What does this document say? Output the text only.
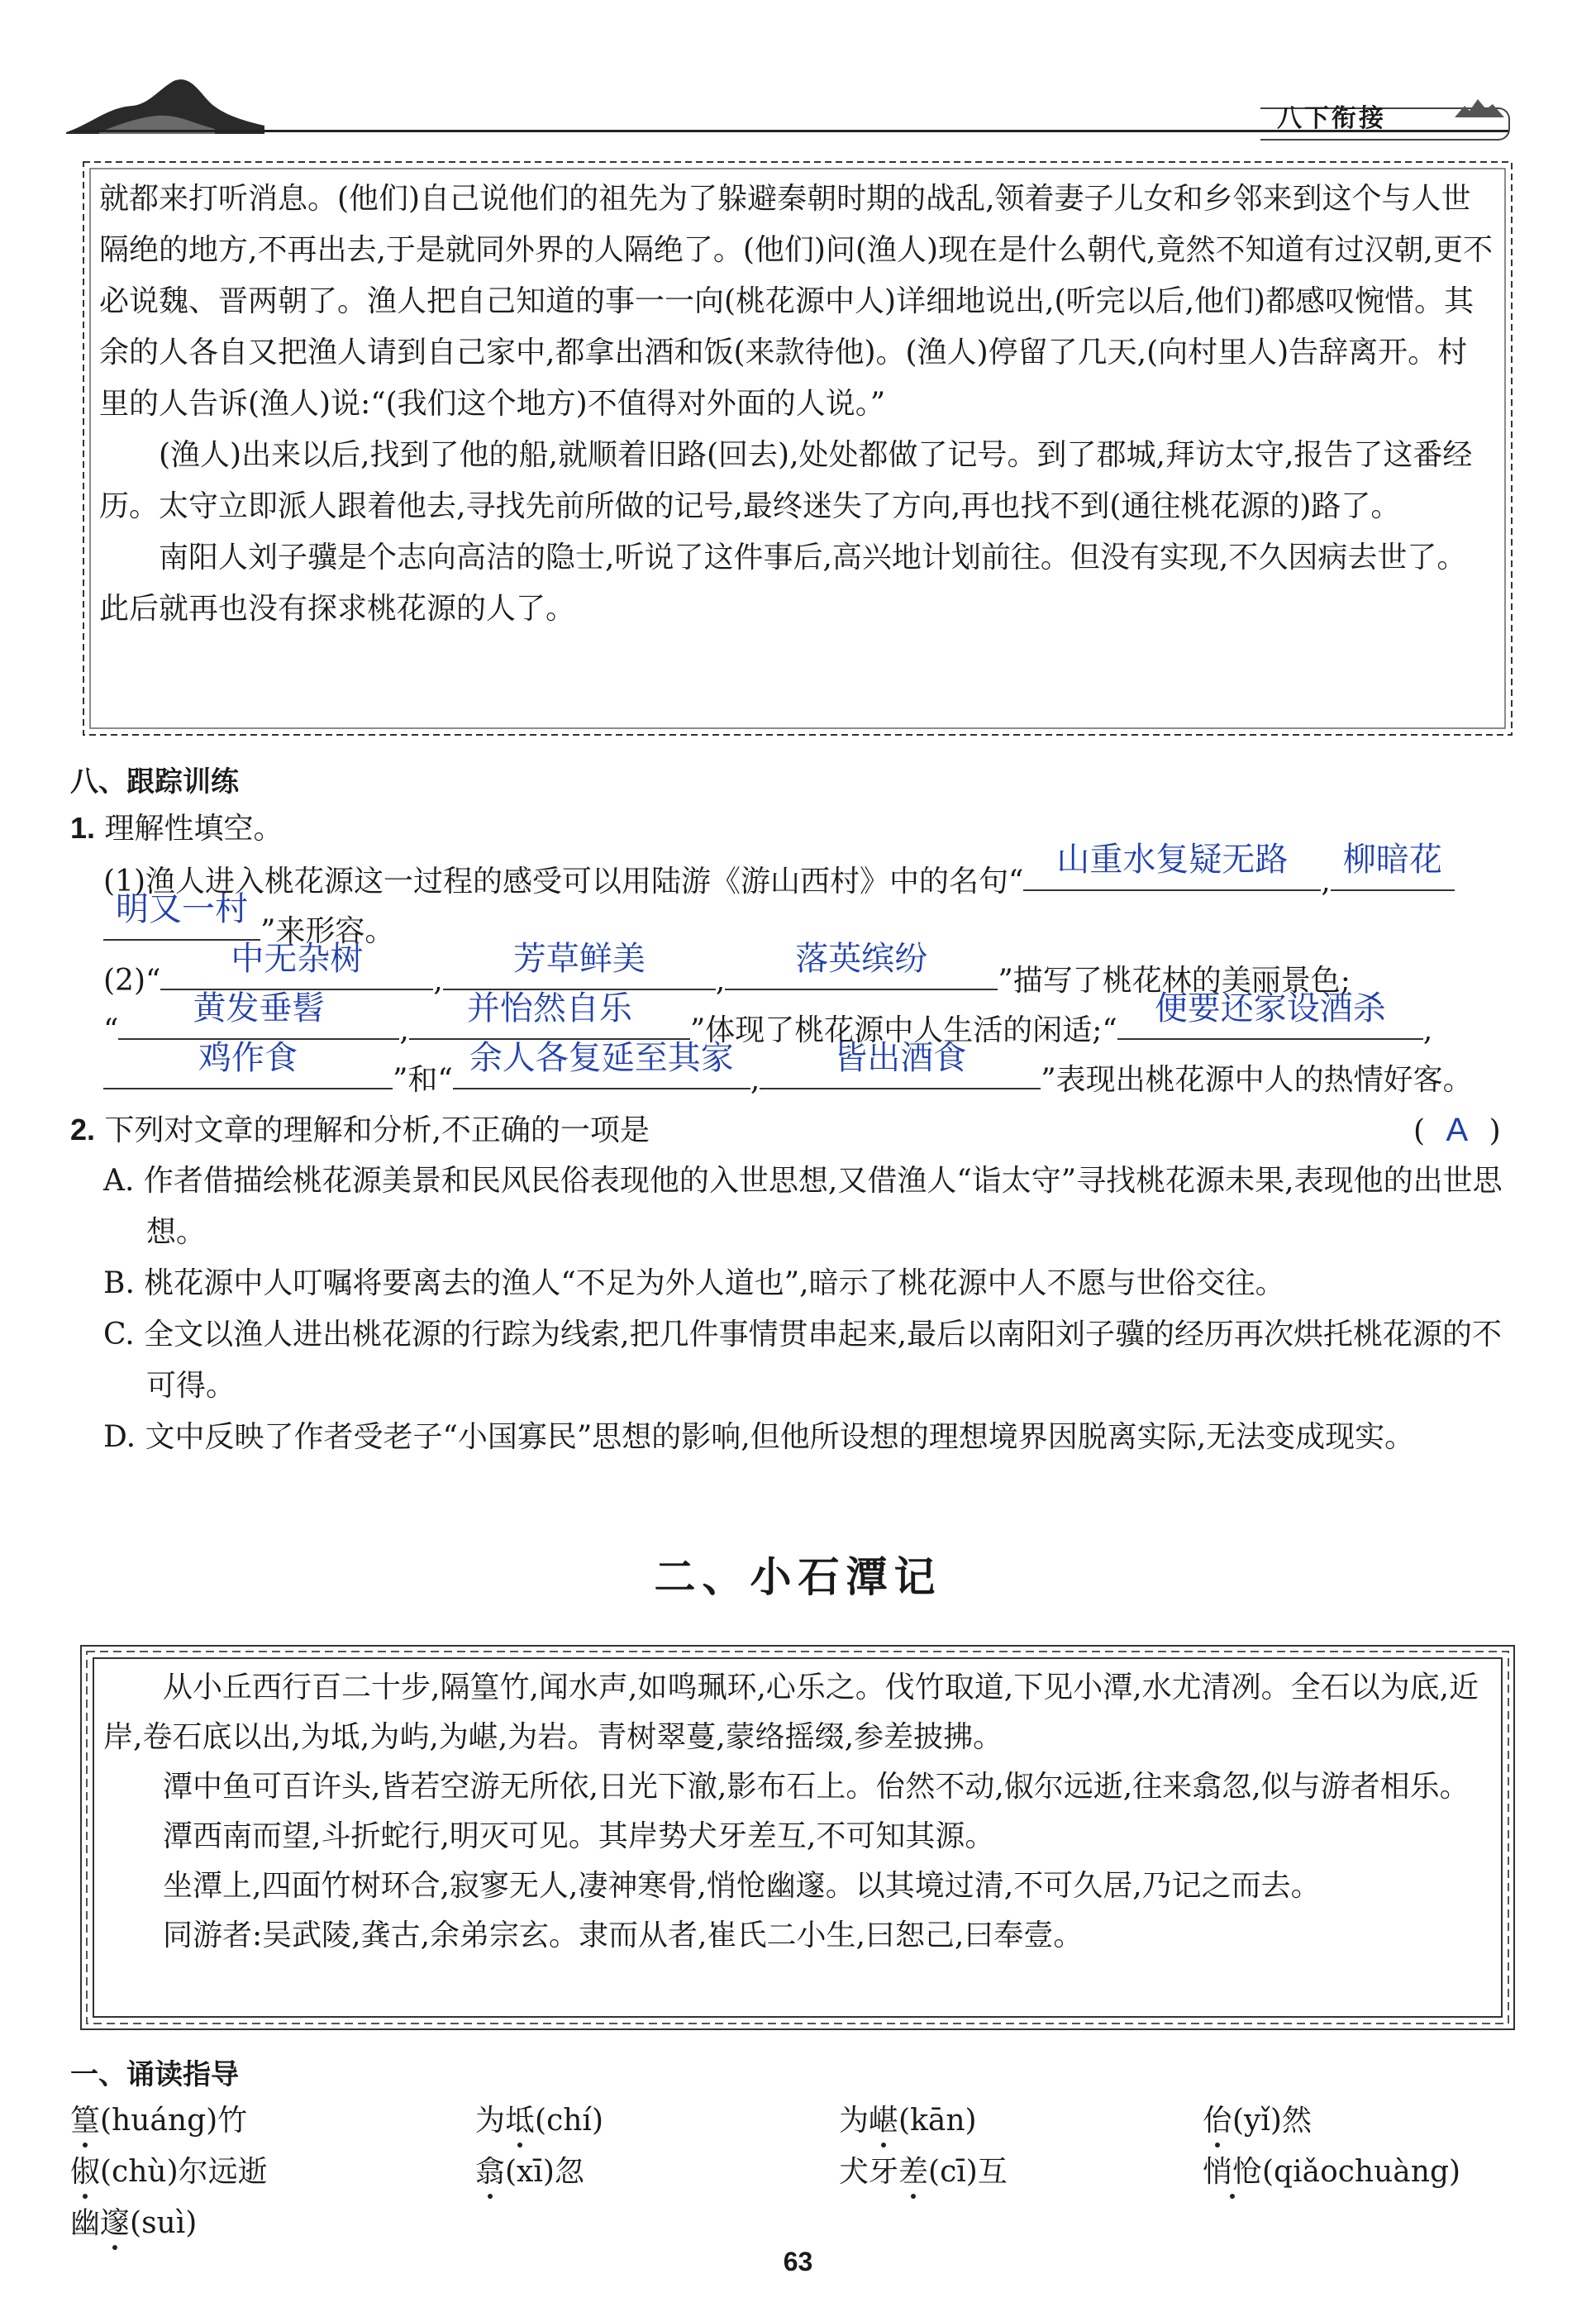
八下衔接

就都来打听消息。(他们)自己说他们的祖先为了躲避秦朝时期的战乱,领着妻子儿女和乡邻来到这个与人世隔绝的地方,不再出去,于是就同外界的人隔绝了。(他们)问(渔人)现在是什么朝代,竟然不知道有过汉朝,更不必说魏、晋两朝了。渔人把自己知道的事一一向(桃花源中人)详细地说出,(听完以后,他们)都感叹惋惜。其余的人各自又把渔人请到自己家中,都拿出酒和饭(来款待他)。(渔人)停留了几天,(向村里人)告辞离开。村里的人告诉(渔人)说:“(我们这个地方)不值得对外面的人说。”

(渔人)出来以后,找到了他的船,就顺着旧路(回去),处处都做了记号。到了郡城,拜访太守,报告了这番经历。太守立即派人跟着他去,寻找先前所做的记号,最终迷失了方向,再也找不到(通往桃花源的)路了。

南阳人刘子骥是个志向高洁的隐士,听说了这件事后,高兴地计划前往。但没有实现,不久因病去世了。此后就再也没有探求桃花源的人了。

八、跟踪训练
1. 理解性填空。
(1)渔人进入桃花源这一过程的感受可以用陆游《游山西村》中的名句“
山重水复疑无路
,
柳暗花
明又一村
”来形容。
(2)“
中无杂树
,
芳草鲜美
,
落英缤纷
”描写了桃花林的美丽景色;
“
黄发垂髫
,
并怡然自乐
”体现了桃花源中人生活的闲适;“
便要还家设酒杀
,
鸡作食
”和“
余人各复延至其家
,
皆出酒食
”表现出桃花源中人的热情好客。
2. 下列对文章的理解和分析,不正确的一项是	( A )
A. 作者借描绘桃花源美景和民风民俗表现他的入世思想,又借渔人“诣太守”寻找桃花源未果,表现他的出世思想。
B. 桃花源中人叮嘱将要离去的渔人“不足为外人道也”,暗示了桃花源中人不愿与世俗交往。
C. 全文以渔人进出桃花源的行踪为线索,把几件事情贯串起来,最后以南阳刘子骥的经历再次烘托桃花源的不可得。
D. 文中反映了作者受老子“小国寡民”思想的影响,但他所设想的理想境界因脱离实际,无法变成现实。
二、小石潭记

从小丘西行百二十步,隔篁竹,闻水声,如鸣珮环,心乐之。伐竹取道,下见小潭,水尤清冽。全石以为底,近岸,卷石底以出,为坻,为屿,为嵁,为岩。青树翠蔓,蒙络摇缀,参差披拂。

潭中鱼可百许头,皆若空游无所依,日光下澈,影布石上。佁然不动,俶尔远逝,往来翕忽,似与游者相乐。

潭西南而望,斗折蛇行,明灭可见。其岸势犬牙差互,不可知其源。

坐潭上,四面竹树环合,寂寥无人,凄神寒骨,悄怆幽邃。以其境过清,不可久居,乃记之而去。

同游者:吴武陵,龚古,余弟宗玄。隶而从者,崔氏二小生,曰恕己,曰奉壹。

一、诵读指导
篁(huáng)竹	为坻(chí)	为嵁(kān)	佁(yǐ)然
俶(chù)尔远逝	翕(xī)忽	犬牙差(cī)互	悄怆(qiǎochuàng)
幽邃(suì)
63
